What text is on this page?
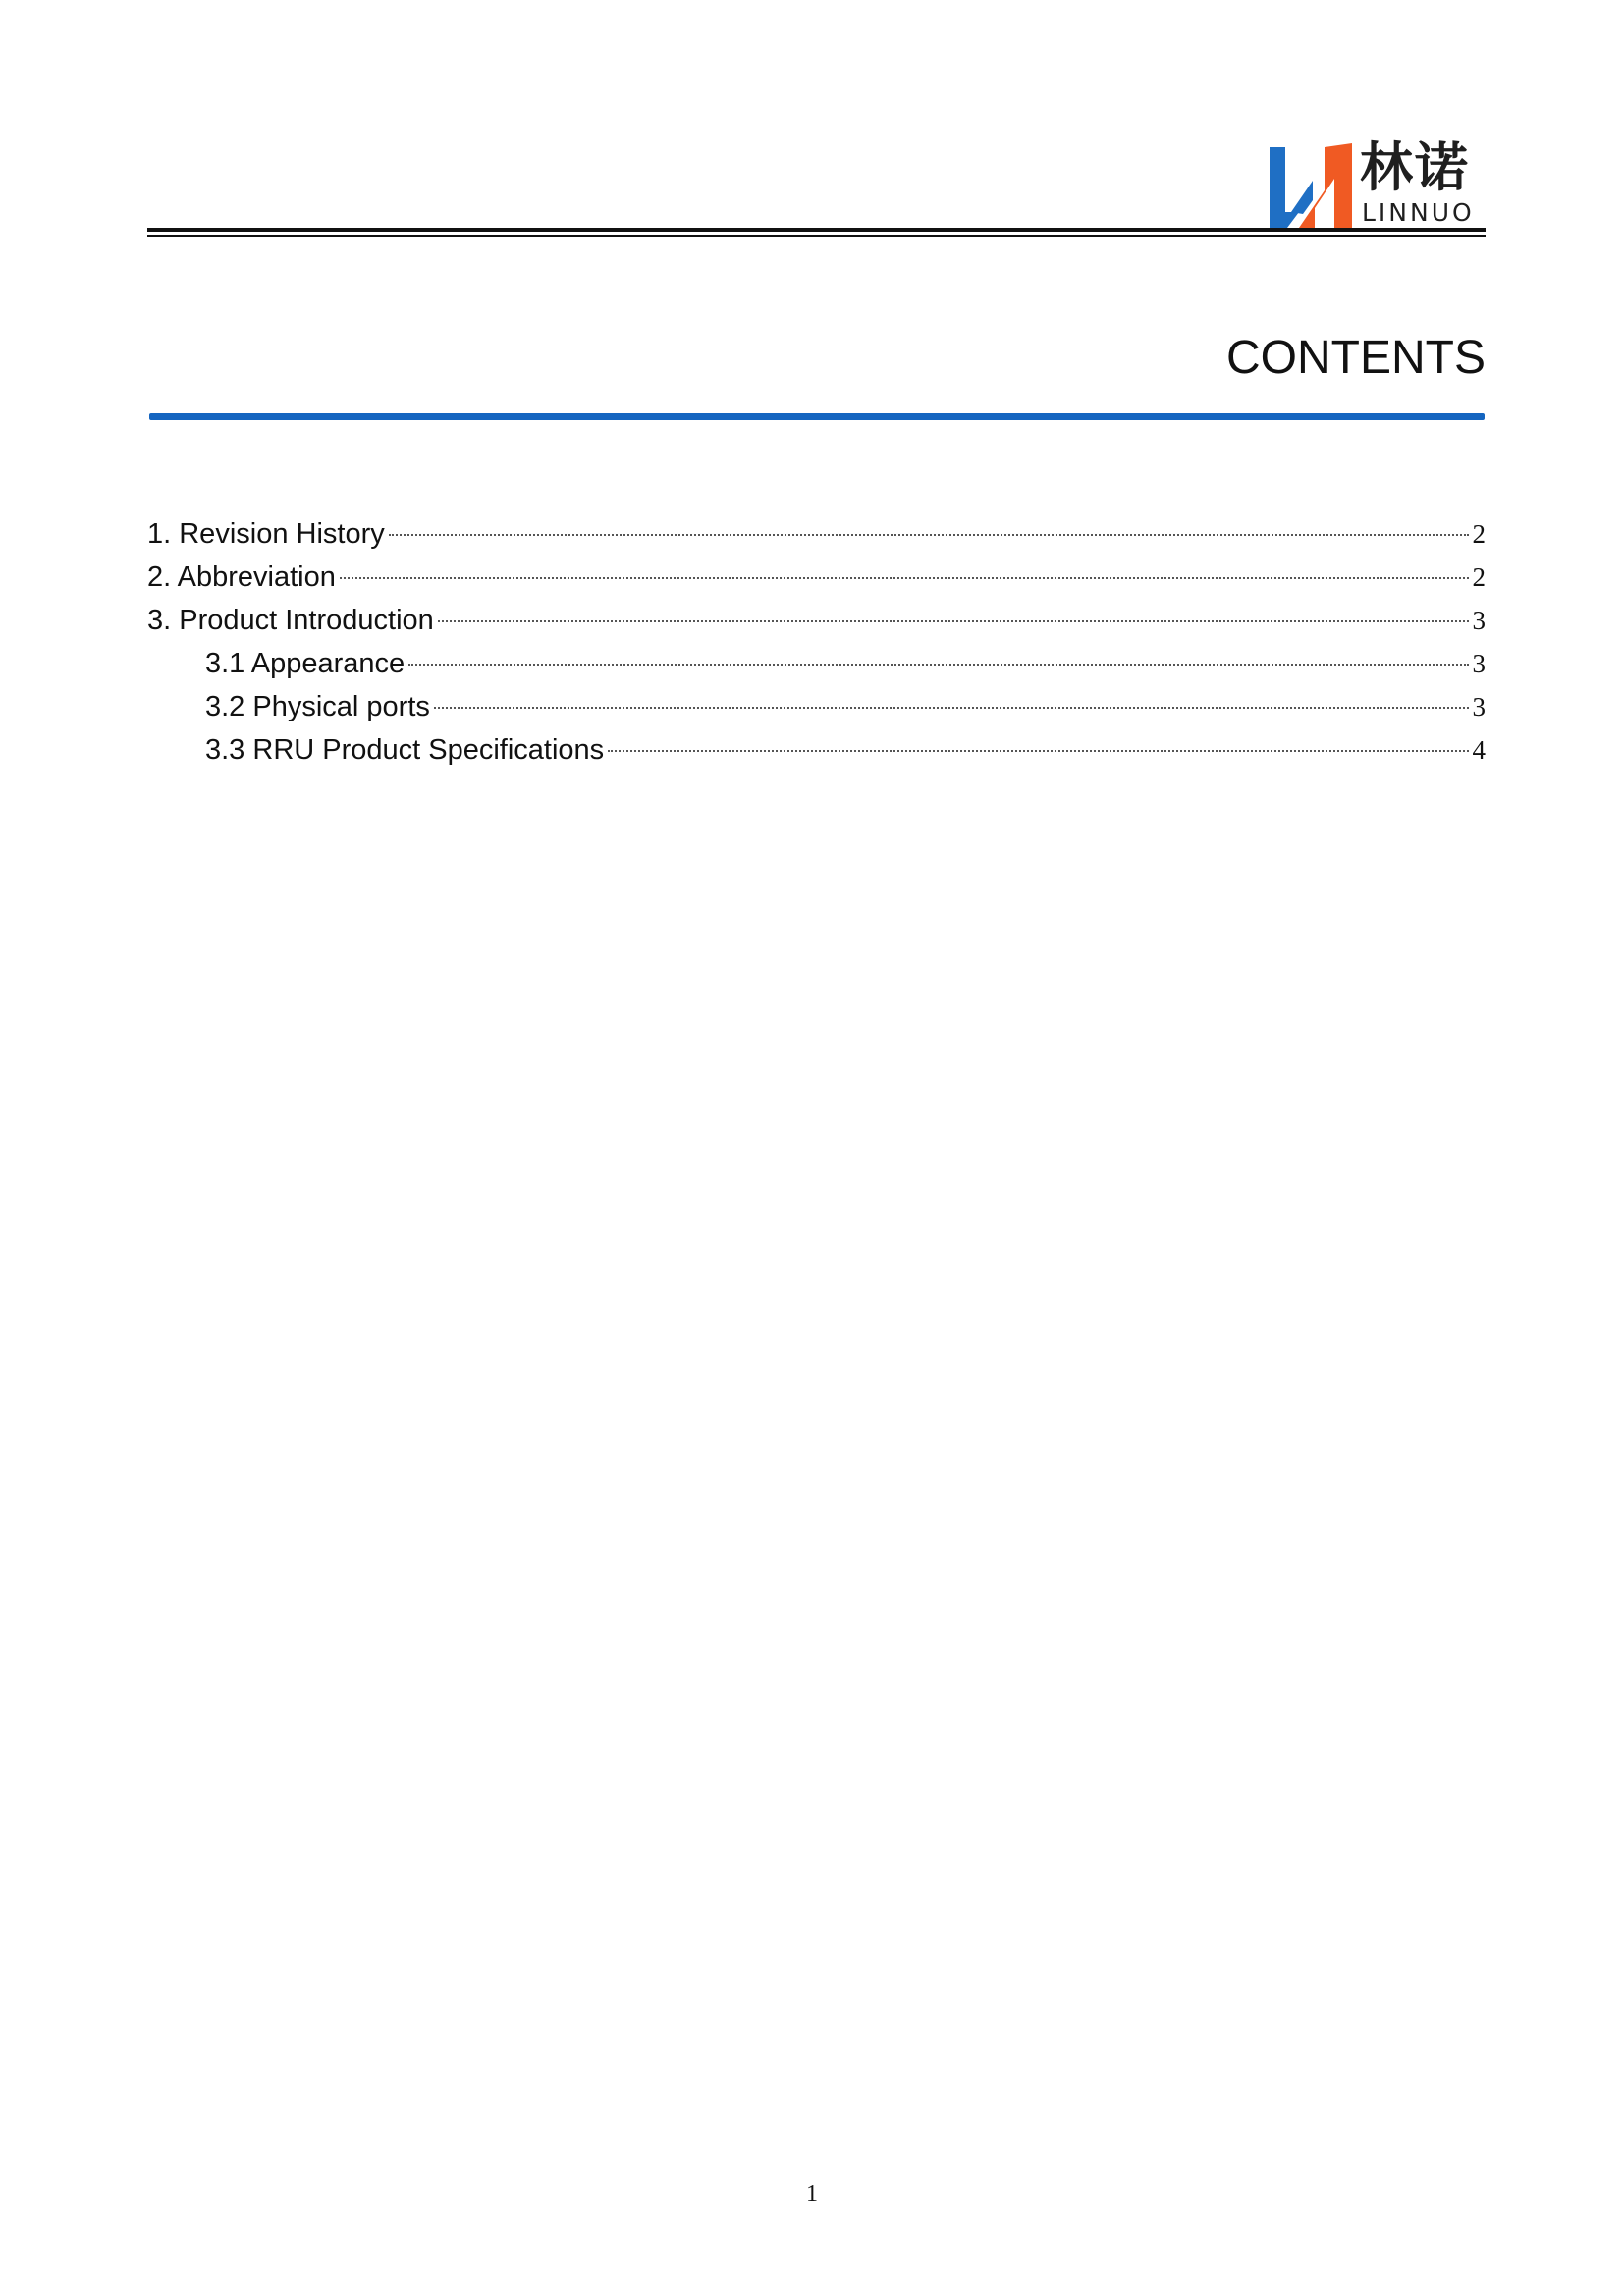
林诺
LINNUO
CONTENTS
1. Revision History	2
2. Abbreviation	2
3. Product Introduction	3
3.1 Appearance	3
3.2 Physical ports	3
3.3 RRU Product Specifications	4
1
